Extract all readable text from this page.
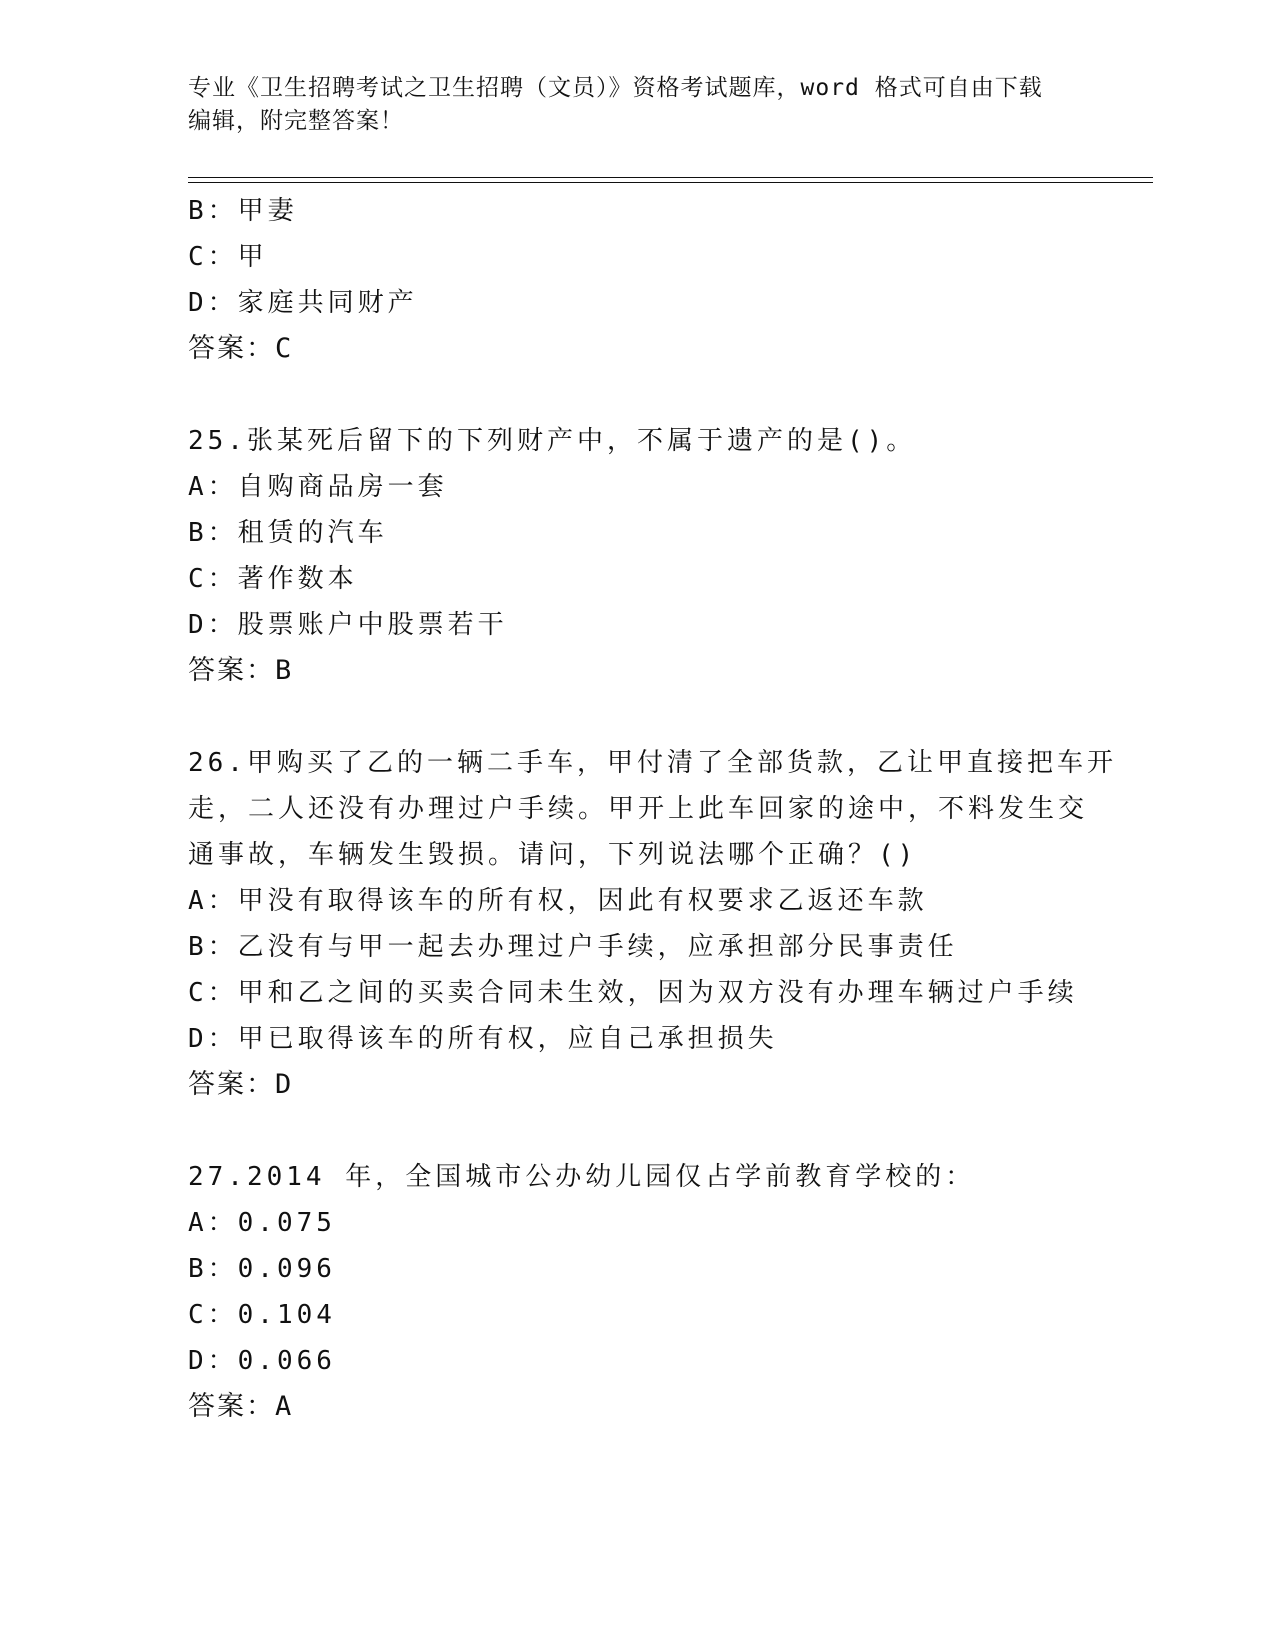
专业《卫生招聘考试之卫生招聘（文员）》资格考试题库，word 格式可自由下载
编辑，附完整答案！
B：甲妻
C：甲
D：家庭共同财产
答案：C
25.张某死后留下的下列财产中，不属于遗产的是()。
A：自购商品房一套
B：租赁的汽车
C：著作数本
D：股票账户中股票若干
答案：B
26.甲购买了乙的一辆二手车，甲付清了全部货款，乙让甲直接把车开
走，二人还没有办理过户手续。甲开上此车回家的途中，不料发生交
通事故，车辆发生毁损。请问，下列说法哪个正确？()
A：甲没有取得该车的所有权，因此有权要求乙返还车款
B：乙没有与甲一起去办理过户手续，应承担部分民事责任
C：甲和乙之间的买卖合同未生效，因为双方没有办理车辆过户手续
D：甲已取得该车的所有权，应自己承担损失
答案：D
27.2014 年，全国城市公办幼儿园仅占学前教育学校的：
A：0.075
B：0.096
C：0.104
D：0.066
答案：A
